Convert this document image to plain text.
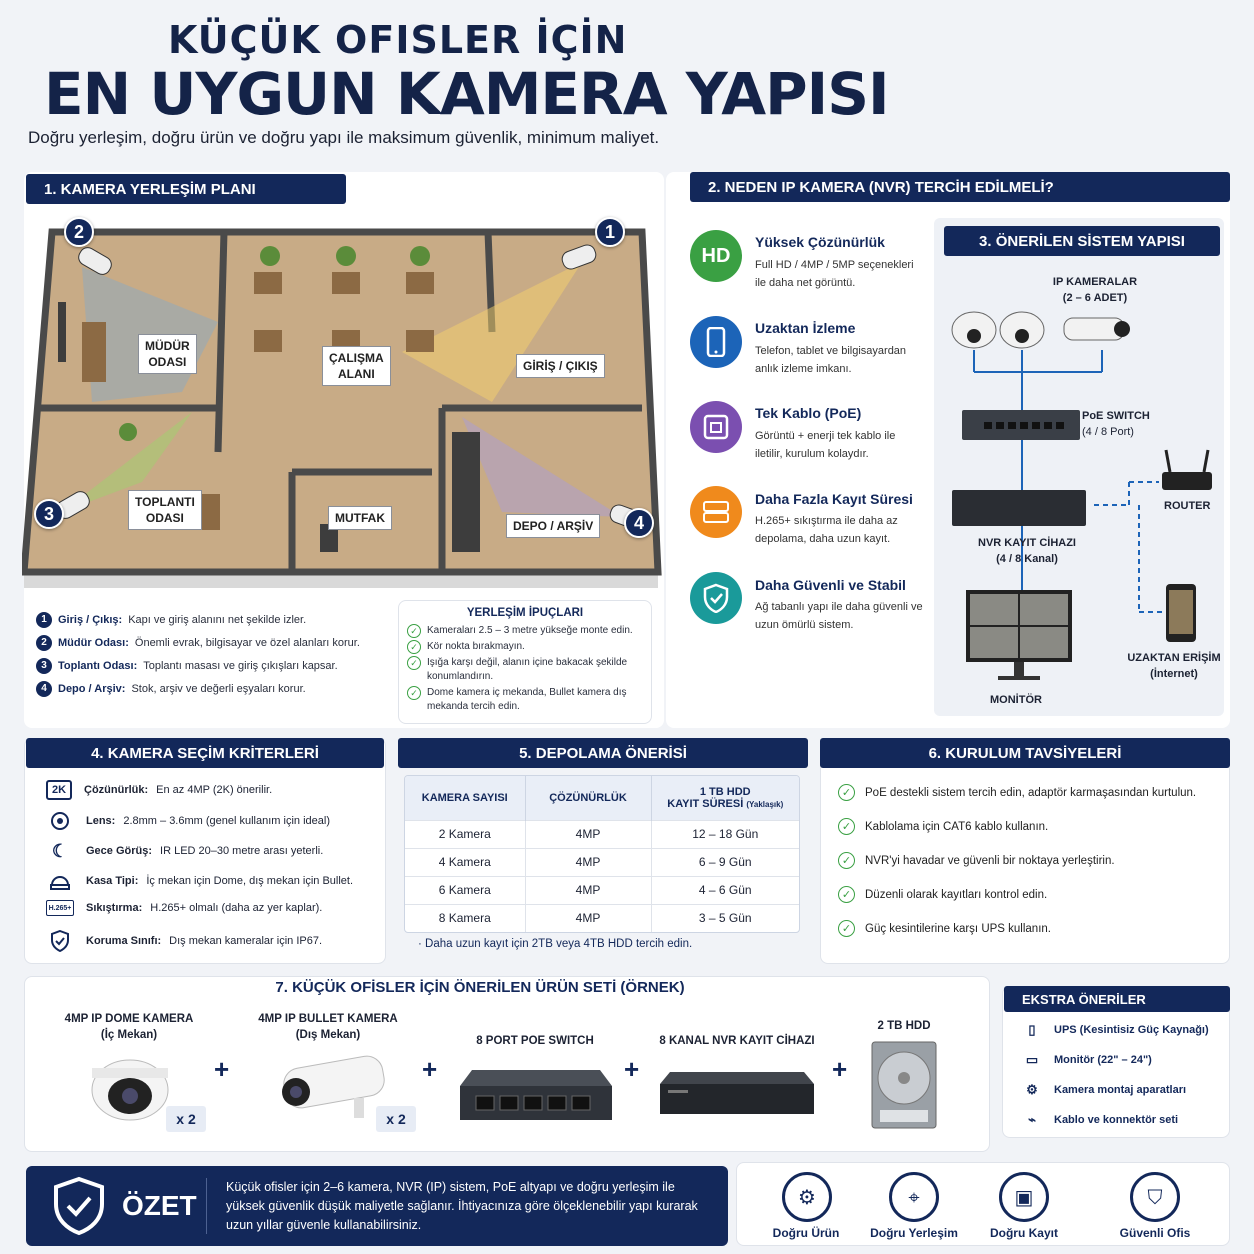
KÜÇÜK OFISLER İÇİN
EN UYGUN KAMERA YAPISI
Doğru yerleşim, doğru ürün ve doğru yapı ile maksimum güvenlik, minimum maliyet.
1. KAMERA YERLEŞİM PLANI
2	1
3	4
MÜDÜR
ODASI	ÇALIŞMA
ALANI
GİRİŞ / ÇIKIŞ
TOPLANTI
ODASI	MUTFAK
DEPO / ARŞİV
1	Giriş / Çıkış: Kapı ve giriş alanını net şekilde izler.
2	Müdür Odası: Önemli evrak, bilgisayar ve özel alanları korur.
3	Toplantı Odası: Toplantı masası ve giriş çıkışları kapsar.
4	Depo / Arşiv: Stok, arşiv ve değerli eşyaları korur.
YERLEŞİM İPUÇLARI
✓ Kameraları 2.5 – 3 metre yükseğe monte edin.
✓ Kör nokta bırakmayın.
✓ Işığa karşı değil, alanın içine bakacak şekilde konumlandırın.
✓ Dome kamera iç mekanda, Bullet kamera dış mekanda tercih edin.
2. NEDEN IP KAMERA (NVR) TERCİH EDİLMELİ?
HD
Yüksek Çözünürlük
Full HD / 4MP / 5MP seçenekleri ile daha net görüntü.
Uzaktan İzleme
Telefon, tablet ve bilgisayardan anlık izleme imkanı.
Tek Kablo (PoE)
Görüntü + enerji tek kablo ile iletilir, kurulum kolaydır.
Daha Fazla Kayıt Süresi
H.265+ sıkıştırma ile daha az depolama, daha uzun kayıt.
Daha Güvenli ve Stabil
Ağ tabanlı yapı ile daha güvenli ve uzun ömürlü sistem.
3. ÖNERİLEN SİSTEM YAPISI
IP KAMERALAR
(2 – 6 ADET)
PoE SWITCH
(4 / 8 Port)
ROUTER
NVR KAYIT CİHAZI
(4 / 8 Kanal)
UZAKTAN ERİŞİM
(İnternet)
MONİTÖR
4. KAMERA SEÇİM KRİTERLERİ
2K	Çözünürlük: En az 4MP (2K) önerilir.
Lens: 2.8mm – 3.6mm (genel kullanım için ideal)
☾	Gece Görüş: IR LED 20–30 metre arası yeterli.
Kasa Tipi: İç mekan için Dome, dış mekan için Bullet.
H.265+ Sıkıştırma: H.265+ olmalı (daha az yer kaplar).
Koruma Sınıfı: Dış mekan kameralar için IP67.
5. DEPOLAMA ÖNERİSİ
KAMERA SAYISI	ÇÖZÜNÜRLÜK	1 TB HDD
KAYIT SÜRESİ (Yaklaşık)
2 Kamera	4MP	12 – 18 Gün
4 Kamera	4MP	6 – 9 Gün
6 Kamera	4MP	4 – 6 Gün
8 Kamera	4MP	3 – 5 Gün
· Daha uzun kayıt için 2TB veya 4TB HDD tercih edin.
6. KURULUM TAVSİYELERİ
✓	PoE destekli sistem tercih edin, adaptör karmaşasından kurtulun.
✓	Kablolama için CAT6 kablo kullanın.
✓	NVR'yi havadar ve güvenli bir noktaya yerleştirin.
✓	Düzenli olarak kayıtları kontrol edin.
✓	Güç kesintilerine karşı UPS kullanın.
7. KÜÇÜK OFİSLER İÇİN ÖNERİLEN ÜRÜN SETİ (ÖRNEK)
4MP IP DOME KAMERA
(İç Mekan)
x 2
+
4MP IP BULLET KAMERA
(Dış Mekan)
x 2
+
8 PORT POE SWITCH
+
8 KANAL NVR KAYIT CİHAZI
+
2 TB HDD
EKSTRA ÖNERİLER
▯	UPS (Kesintisiz Güç Kaynağı)
▭	Monitör (22" – 24")
⚙	Kamera montaj aparatları
⌁	Kablo ve konnektör seti
ÖZET
Küçük ofisler için 2–6 kamera, NVR (IP) sistem, PoE altyapı ve doğru yerleşim ile yüksek güvenlik düşük maliyetle sağlanır. İhtiyacınıza göre ölçeklenebilir yapı kurarak uzun yıllar güvenle kullanabilirsiniz.
⚙
Doğru Ürün
⌖
Doğru Yerleşim
▣
Doğru Kayıt
⛉
Güvenli Ofis
